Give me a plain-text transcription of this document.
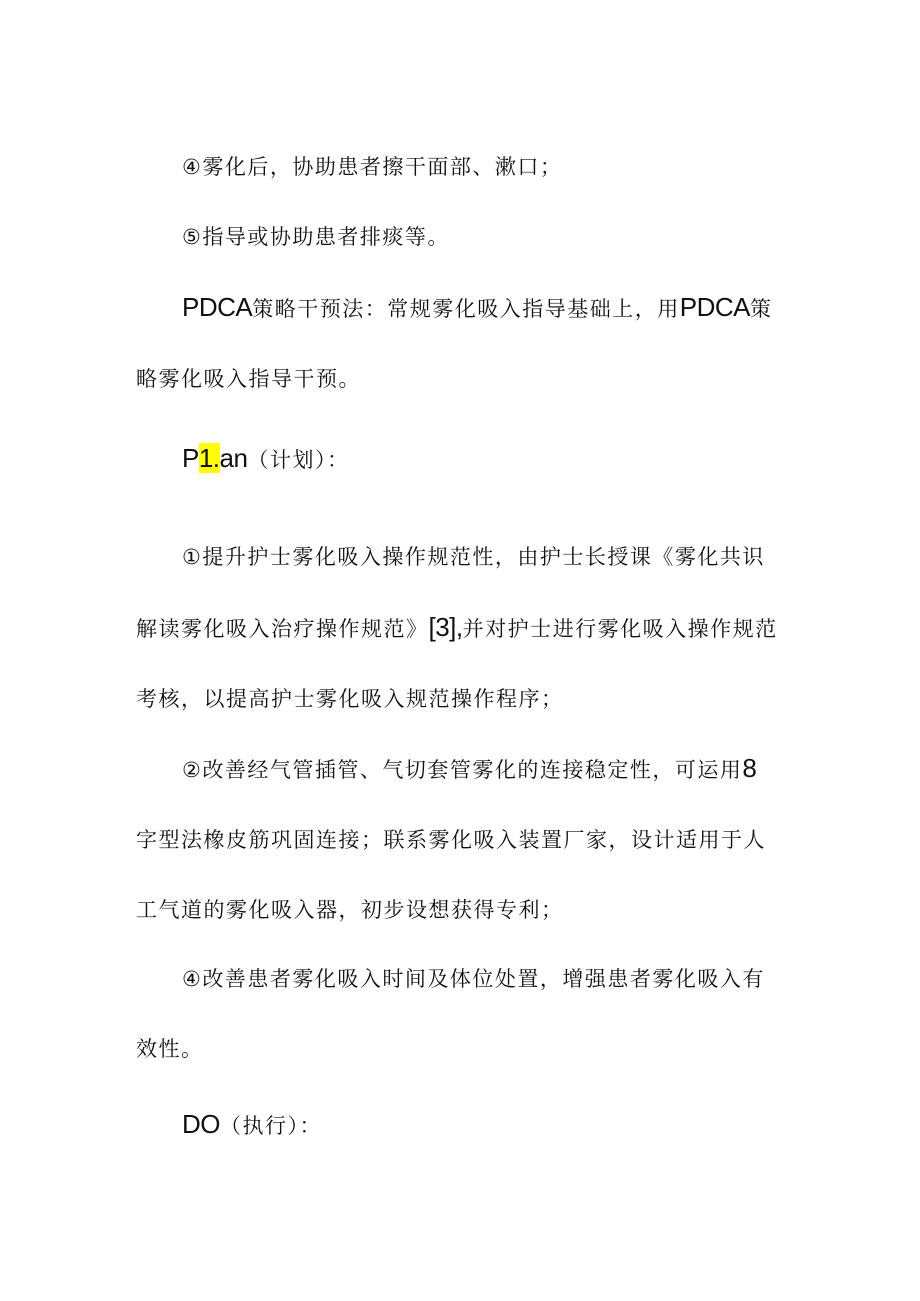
④雾化后，协助患者擦干面部、漱口；

⑤指导或协助患者排痰等。

PDCA策略干预法：常规雾化吸入指导基础上，用PDCA策
略雾化吸入指导干预。

P1.an（计划）：

①提升护士雾化吸入操作规范性，由护士长授课《雾化共识
解读雾化吸入治疗操作规范》[3],并对护士进行雾化吸入操作规范
考核，以提高护士雾化吸入规范操作程序；

②改善经气管插管、气切套管雾化的连接稳定性，可运用8
字型法橡皮筋巩固连接；联系雾化吸入装置厂家，设计适用于人
工气道的雾化吸入器，初步设想获得专利；

④改善患者雾化吸入时间及体位处置，增强患者雾化吸入有
效性。

DO（执行）：
